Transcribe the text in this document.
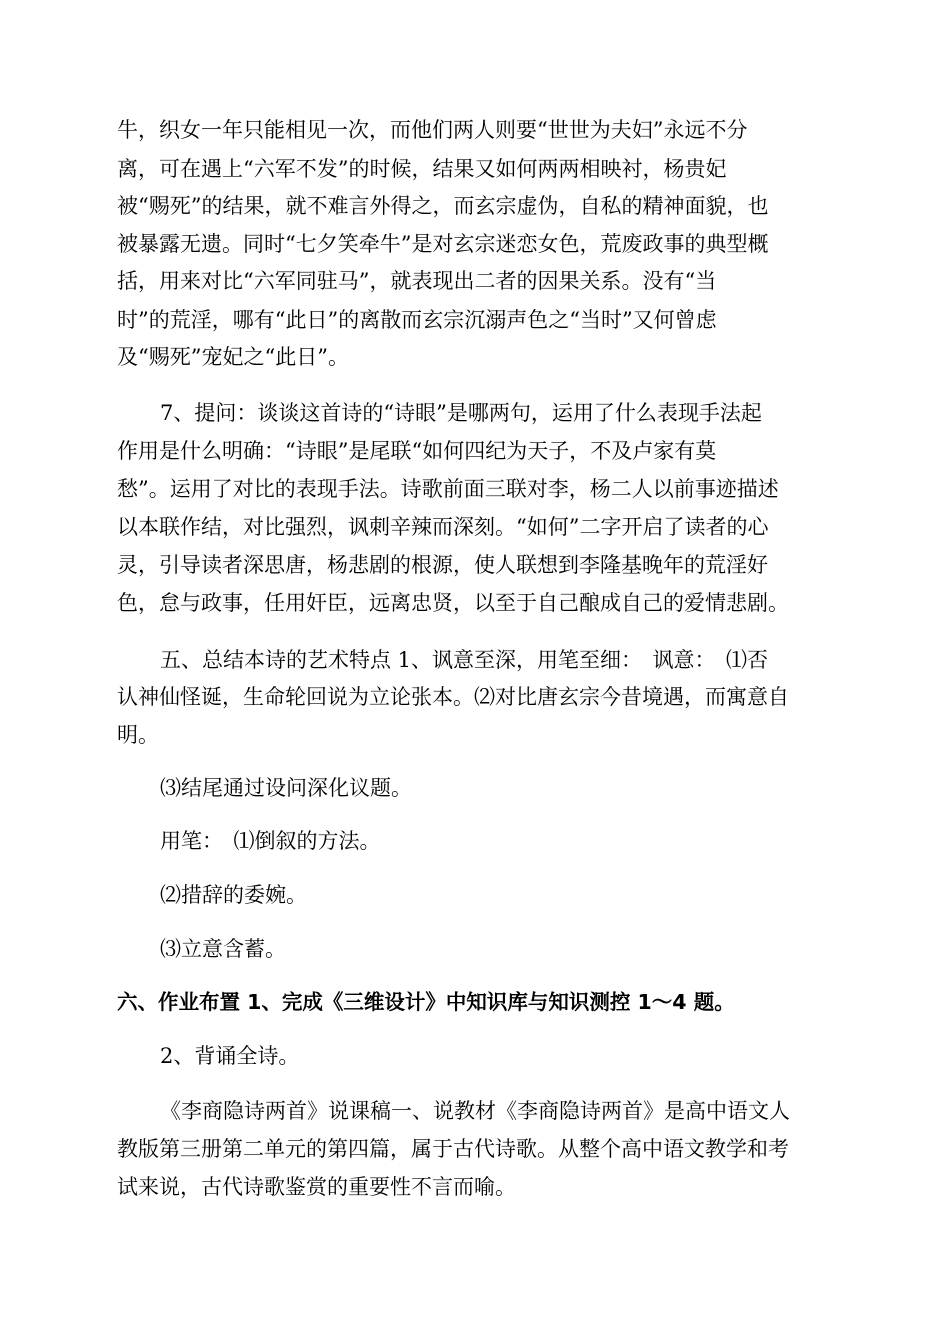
牛，织女一年只能相见一次，而他们两人则要“世世为夫妇”永远不分
离，可在遇上“六军不发”的时候，结果又如何两两相映衬，杨贵妃
被“赐死”的结果，就不难言外得之，而玄宗虚伪，自私的精神面貌，也
被暴露无遗。同时“七夕笑牵牛”是对玄宗迷恋女色，荒废政事的典型概
括，用来对比“六军同驻马”，就表现出二者的因果关系。没有“当
时”的荒淫，哪有“此日”的离散而玄宗沉溺声色之“当时”又何曾虑
及“赐死”宠妃之“此日”。
7、提问：谈谈这首诗的“诗眼”是哪两句，运用了什么表现手法起
作用是什么明确：“诗眼”是尾联“如何四纪为天子，不及卢家有莫
愁”。运用了对比的表现手法。诗歌前面三联对李，杨二人以前事迹描述
以本联作结，对比强烈，讽刺辛辣而深刻。“如何”二字开启了读者的心
灵，引导读者深思唐，杨悲剧的根源，使人联想到李隆基晚年的荒淫好
色，怠与政事，任用奸臣，远离忠贤，以至于自己酿成自己的爱情悲剧。
五、总结本诗的艺术特点 1、讽意至深，用笔至细：　讽意：　⑴否
认神仙怪诞，生命轮回说为立论张本。⑵对比唐玄宗今昔境遇，而寓意自
明。
⑶结尾通过设问深化议题。
用笔：　⑴倒叙的方法。
⑵措辞的委婉。
⑶立意含蓄。
六、作业布置 1、完成《三维设计》中知识库与知识测控 1～4 题。
2、背诵全诗。
《李商隐诗两首》说课稿一、说教材《李商隐诗两首》是高中语文人
教版第三册第二单元的第四篇，属于古代诗歌。从整个高中语文教学和考
试来说，古代诗歌鉴赏的重要性不言而喻。
